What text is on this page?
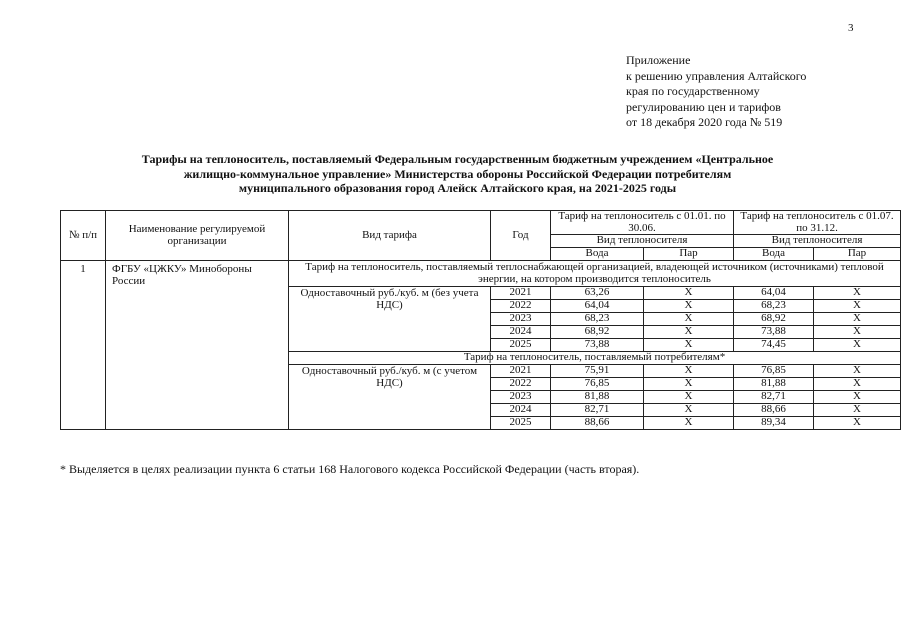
3
Приложение
к решению управления Алтайского
края по государственному
регулированию цен и тарифов
от 18 декабря 2020 года № 519
Тарифы на теплоноситель, поставляемый Федеральным государственным бюджетным учреждением «Центральное
жилищно-коммунальное управление» Министерства обороны Российской Федерации потребителям
муниципального образования город Алейск Алтайского края, на 2021-2025 годы
№ п/п	Наименование регулируемой организации	Вид тарифа	Год	Тариф на теплоноситель с 01.01. по 30.06.		Тариф на теплоноситель с 01.07. по 31.12.	
				Вид теплоносителя		Вид теплоносителя	
				Вода	Пар	Вода	Пар
1	ФГБУ «ЦЖКУ» Минобороны России	Тариф на теплоноситель, поставляемый теплоснабжающей организацией, владеющей источником (источниками) тепловой энергии, на котором производится теплоноситель					
		Одноставочный руб./куб. м (без учета НДС)	2021	63,26	Х	64,04	Х
			2022	64,04	Х	68,23	Х
			2023	68,23	Х	68,92	Х
			2024	68,92	Х	73,88	Х
			2025	73,88	Х	74,45	Х
		Тариф на теплоноситель, поставляемый потребителям*					
		Одноставочный руб./куб. м (с учетом НДС)	2021	75,91	Х	76,85	Х
			2022	76,85	Х	81,88	Х
			2023	81,88	Х	82,71	Х
			2024	82,71	Х	88,66	Х
			2025	88,66	Х	89,34	Х
* Выделяется в целях реализации пункта 6 статьи 168 Налогового кодекса Российской Федерации (часть вторая).
